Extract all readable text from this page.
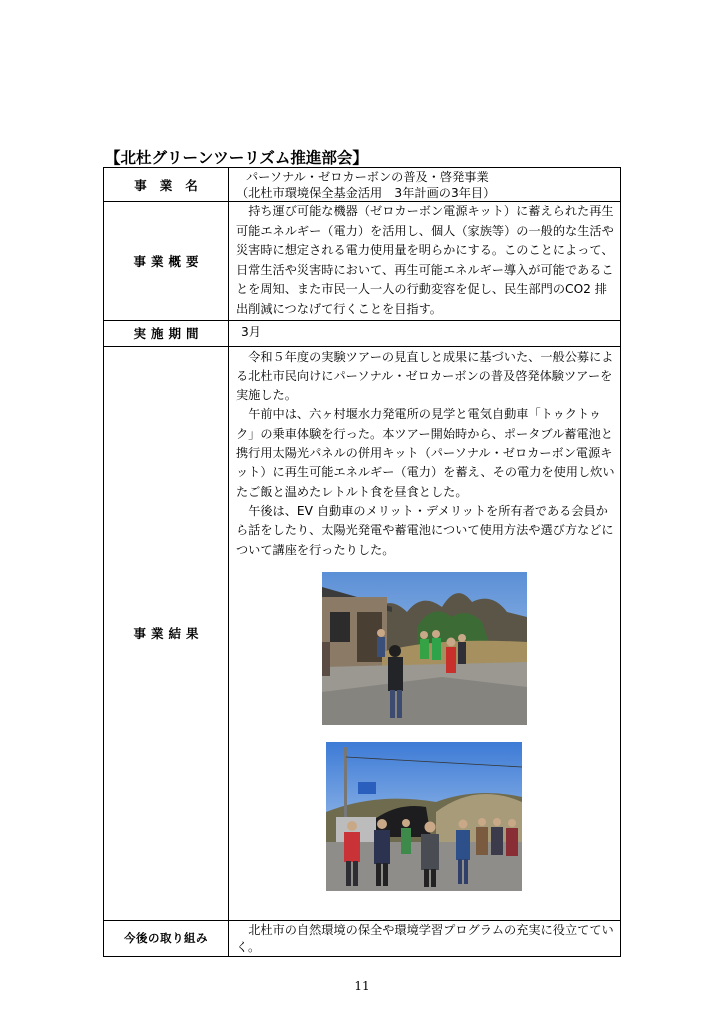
【北杜グリーンツーリズム推進部会】
事業名	パーソナル・ゼロカーボンの普及・啓発事業

（北杜市環境保全基金活用　3年計画の3年目）

事業概要	持ち運び可能な機器（ゼロカーボン電源キット）に蓄えられた再生可能エネルギー（電力）を活用し、個人（家族等）の一般的な生活や災害時に想定される電力使用量を明らかにする。このことによって、日常生活や災害時において、再生可能エネルギー導入が可能であることを周知、また市民一人一人の行動変容を促し、民生部門のCO2 排出削減につなげて行くことを目指す。

実施期間	3月

事業結果	令和５年度の実験ツアーの見直しと成果に基づいた、一般公募による北杜市民向けにパーソナル・ゼロカーボンの普及啓発体験ツアーを実施した。

午前中は、六ヶ村堰水力発電所の見学と電気自動車「トゥクトゥク」の乗車体験を行った。本ツアー開始時から、ポータブル蓄電池と携行用太陽光パネルの併用キット（パーソナル・ゼロカーボン電源キット）に再生可能エネルギー（電力）を蓄え、その電力を使用し炊いたご飯と温めたレトルト食を昼食とした。

午後は、EV 自動車のメリット・デメリットを所有者である会員から話をしたり、太陽光発電や蓄電池について使用方法や選び方などについて講座を行ったりした。

今後の取り組み	北杜市の自然環境の保全や環境学習プログラムの充実に役立てていく。

11
